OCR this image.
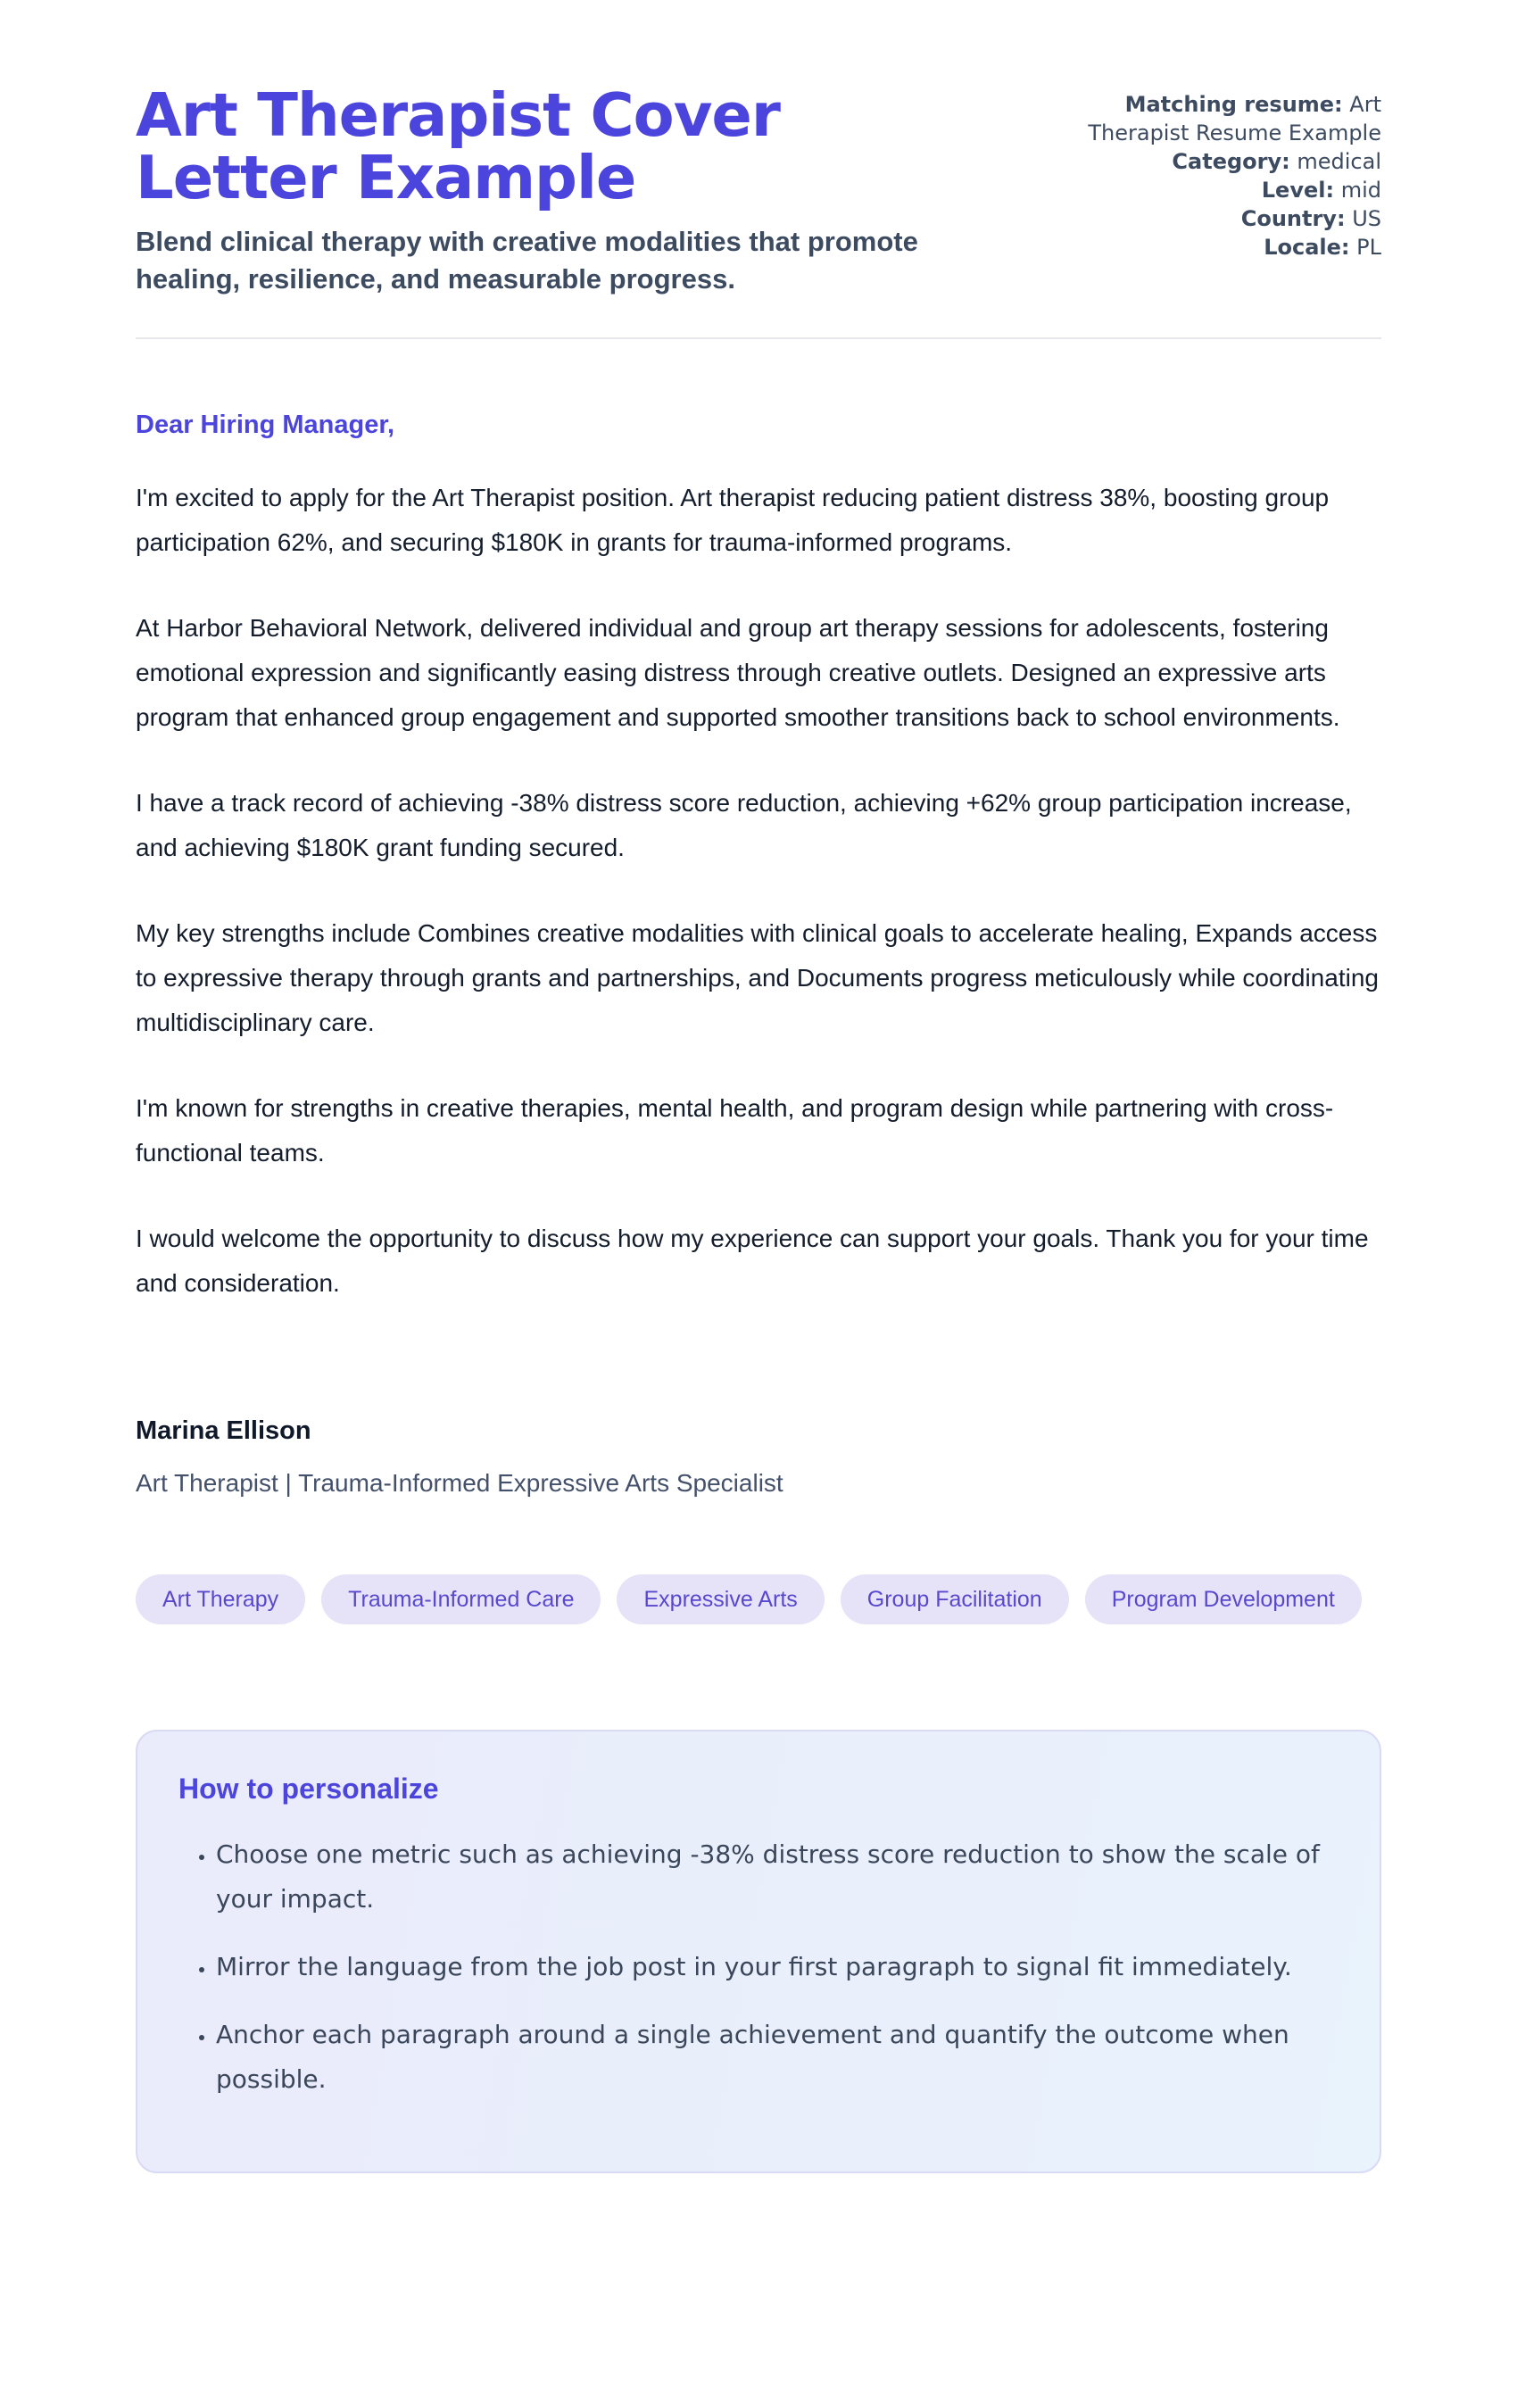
Art Therapist Cover Letter Example

Blend clinical therapy with creative modalities that promote healing, resilience, and measurable progress.

Matching resume: Art Therapist Resume Example
Category: medical
Level: mid
Country: US
Locale: PL

Dear Hiring Manager,

I'm excited to apply for the Art Therapist position. Art therapist reducing patient distress 38%, boosting group participation 62%, and securing $180K in grants for trauma-informed programs.

At Harbor Behavioral Network, delivered individual and group art therapy sessions for adolescents, fostering emotional expression and significantly easing distress through creative outlets. Designed an expressive arts program that enhanced group engagement and supported smoother transitions back to school environments.

I have a track record of achieving -38% distress score reduction, achieving +62% group participation increase, and achieving $180K grant funding secured.

My key strengths include Combines creative modalities with clinical goals to accelerate healing, Expands access to expressive therapy through grants and partnerships, and Documents progress meticulously while coordinating multidisciplinary care.

I'm known for strengths in creative therapies, mental health, and program design while partnering with cross-functional teams.

I would welcome the opportunity to discuss how my experience can support your goals. Thank you for your time and consideration.

Marina Ellison

Art Therapist | Trauma-Informed Expressive Arts Specialist

Art Therapy	Trauma-Informed Care	Expressive Arts	Group Facilitation	Program Development
How to personalize
• Choose one metric such as achieving -38% distress score reduction to show the scale of your impact.
• Mirror the language from the job post in your first paragraph to signal fit immediately.
• Anchor each paragraph around a single achievement and quantify the outcome when possible.
